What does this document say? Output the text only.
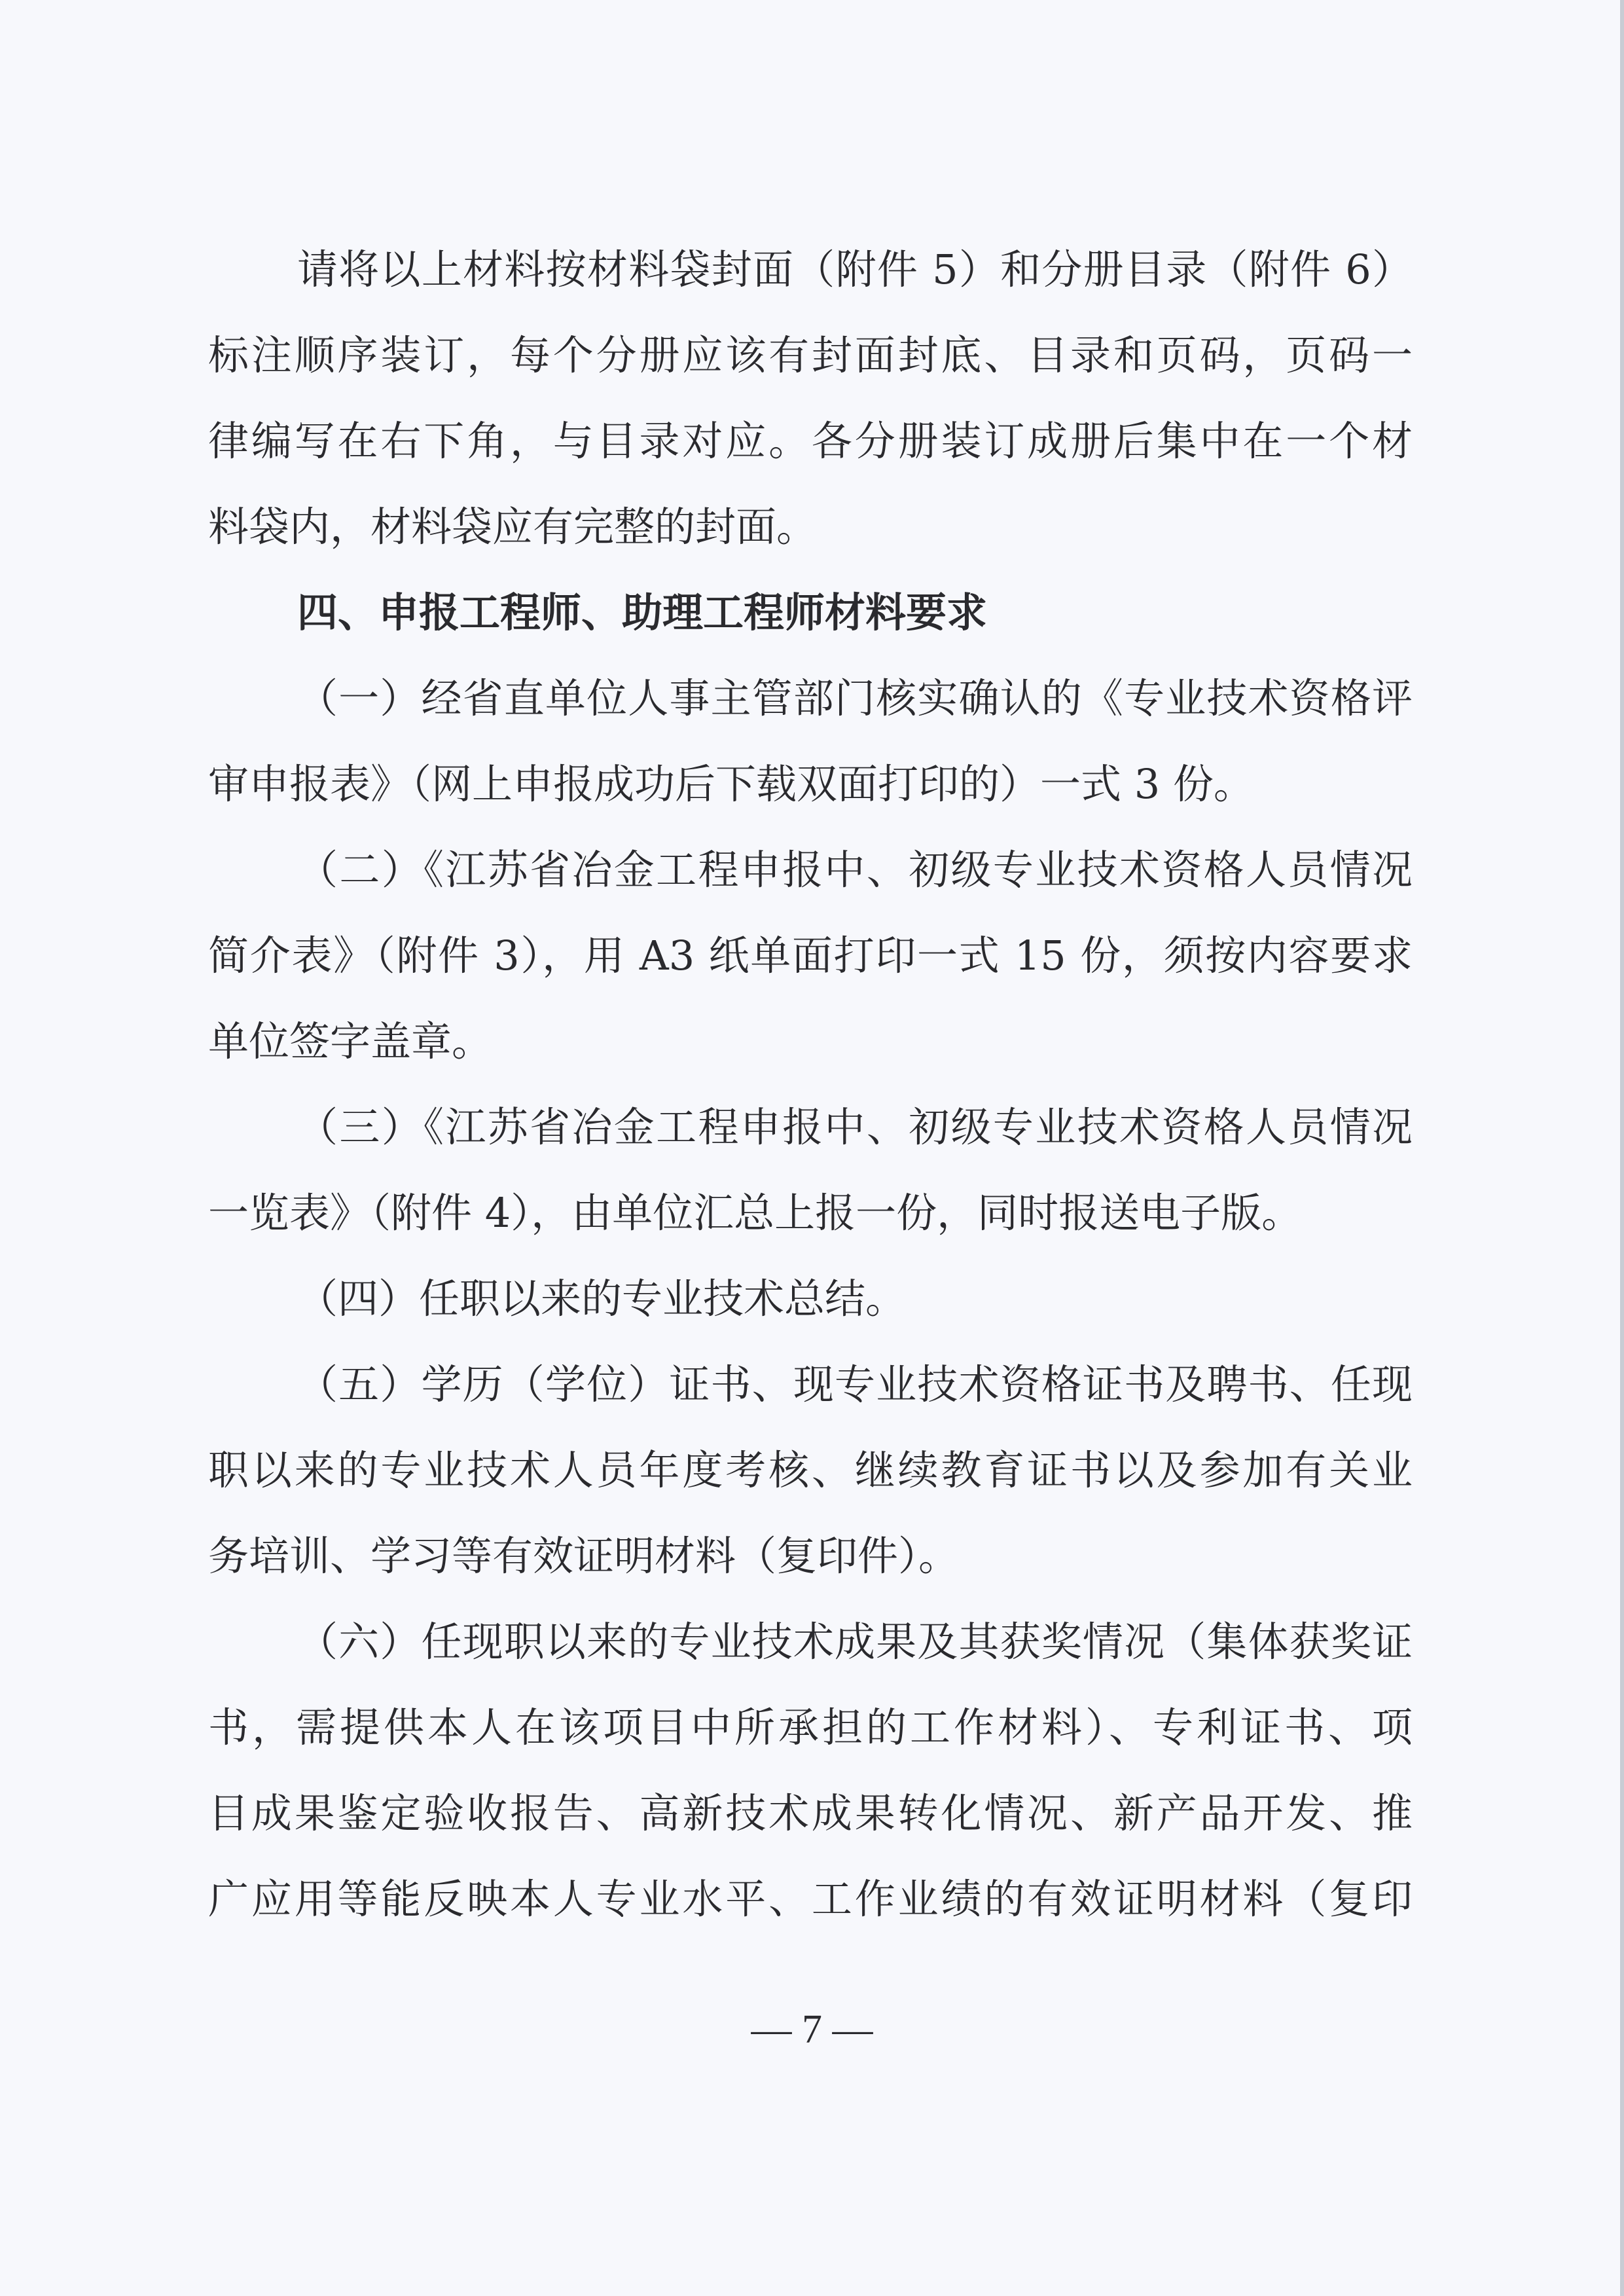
请将以上材料按材料袋封面（附件 5）和分册目录（附件 6）
标注顺序装订，每个分册应该有封面封底、目录和页码，页码一
律编写在右下角，与目录对应。各分册装订成册后集中在一个材
料袋内，材料袋应有完整的封面。
四、申报工程师、助理工程师材料要求
（一）经省直单位人事主管部门核实确认的《专业技术资格评
审申报表》（网上申报成功后下载双面打印的）一式 3 份。
（二）《江苏省冶金工程申报中、初级专业技术资格人员情况
简介表》（附件 3），用 A3 纸单面打印一式 15 份，须按内容要求
单位签字盖章。
（三）《江苏省冶金工程申报中、初级专业技术资格人员情况
一览表》（附件 4），由单位汇总上报一份，同时报送电子版。
（四）任职以来的专业技术总结。
（五）学历（学位）证书、现专业技术资格证书及聘书、任现
职以来的专业技术人员年度考核、继续教育证书以及参加有关业
务培训、学习等有效证明材料（复印件）。
（六）任现职以来的专业技术成果及其获奖情况（集体获奖证
书，需提供本人在该项目中所承担的工作材料）、专利证书、项
目成果鉴定验收报告、高新技术成果转化情况、新产品开发、推
广应用等能反映本人专业水平、工作业绩的有效证明材料（复印
— 7 —
